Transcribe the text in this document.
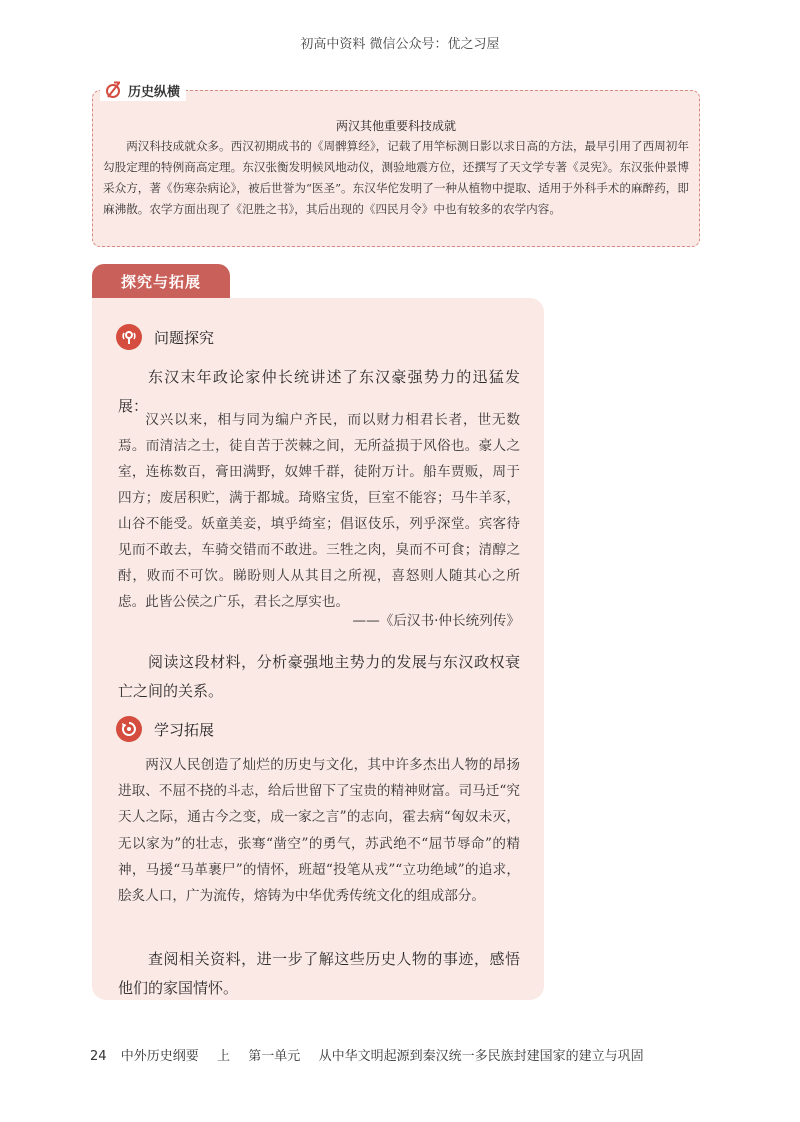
初高中资料 微信公众号：优之习屋
历史纵横
两汉其他重要科技成就
两汉科技成就众多。西汉初期成书的《周髀算经》，记载了用竿标测日影以求日高的方法，最早引用了西周初年勾股定理的特例商高定理。东汉张衡发明候风地动仪，测验地震方位，还撰写了天文学专著《灵宪》。东汉张仲景博采众方，著《伤寒杂病论》，被后世誉为“医圣”。东汉华佗发明了一种从植物中提取、适用于外科手术的麻醉药，即麻沸散。农学方面出现了《氾胜之书》，其后出现的《四民月令》中也有较多的农学内容。
探究与拓展
问题探究
东汉末年政论家仲长统讲述了东汉豪强势力的迅猛发展：
汉兴以来，相与同为编户齐民，而以财力相君长者，世无数焉。而清洁之士，徒自苦于茨棘之间，无所益损于风俗也。豪人之室，连栋数百，膏田满野，奴婢千群，徒附万计。船车贾贩，周于四方；废居积贮，满于都城。琦赂宝货，巨室不能容；马牛羊豕，山谷不能受。妖童美妾，填乎绮室；倡讴伎乐，列乎深堂。宾客待见而不敢去，车骑交错而不敢进。三牲之肉，臭而不可食；清醇之酎，败而不可饮。睇盼则人从其目之所视，喜怒则人随其心之所虑。此皆公侯之广乐，君长之厚实也。
——《后汉书·仲长统列传》
阅读这段材料，分析豪强地主势力的发展与东汉政权衰亡之间的关系。
学习拓展
两汉人民创造了灿烂的历史与文化，其中许多杰出人物的昂扬进取、不屈不挠的斗志，给后世留下了宝贵的精神财富。司马迁“究天人之际，通古今之变，成一家之言”的志向，霍去病“匈奴未灭，无以家为”的壮志，张骞“凿空”的勇气，苏武绝不“屈节辱命”的精神，马援“马革裹尸”的情怀，班超“投笔从戎”“立功绝域”的追求，脍炙人口，广为流传，熔铸为中华优秀传统文化的组成部分。
查阅相关资料，进一步了解这些历史人物的事迹，感悟他们的家国情怀。
24 中外历史纲要 上 第一单元 从中华文明起源到秦汉统一多民族封建国家的建立与巩固
